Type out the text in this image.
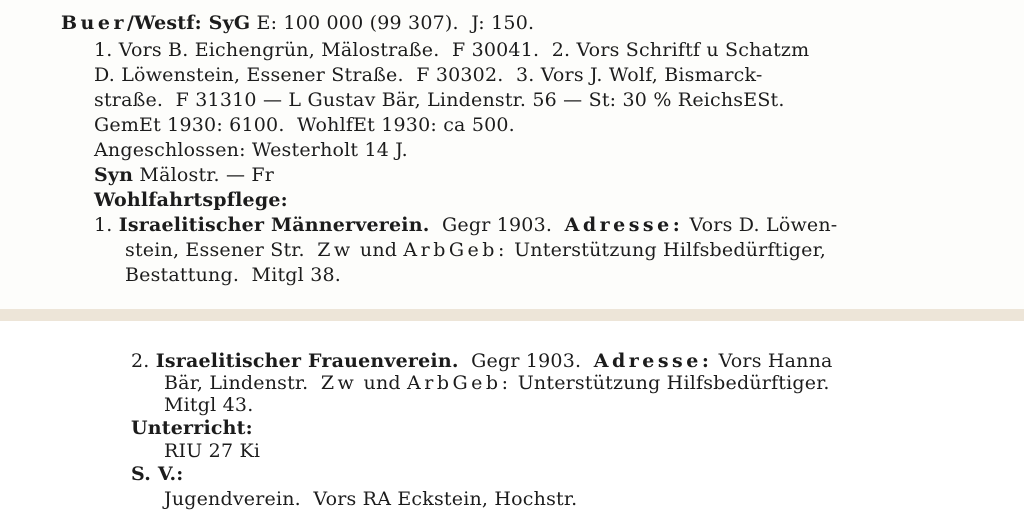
Buer/Westf: SyG E: 100 000 (99 307).  J: 150.
1. Vors B. Eichengrün, Mälostraße.  F 30041.  2. Vors Schriftf u Schatzm
D. Löwenstein, Essener Straße.  F 30302.  3. Vors J. Wolf, Bismarck-
straße.  F 31310 — L Gustav Bär, Lindenstr. 56 — St: 30 % ReichsESt.
GemEt 1930: 6100.  WohlfEt 1930: ca 500.
Angeschlossen: Westerholt 14 J.
Syn Mälostr. — Fr
Wohlfahrtspflege:
1. Israelitischer Männerverein.  Gegr 1903.  Adresse: Vors D. Löwen-
stein, Essener Str.  Zw und ArbGeb: Unterstützung Hilfsbedürftiger,
Bestattung.  Mitgl 38.
2. Israelitischer Frauenverein.  Gegr 1903.  Adresse: Vors Hanna
Bär, Lindenstr.  Zw und ArbGeb: Unterstützung Hilfsbedürftiger.
Mitgl 43.
Unterricht:
RIU 27 Ki
S. V.:
Jugendverein.  Vors RA Eckstein, Hochstr.
